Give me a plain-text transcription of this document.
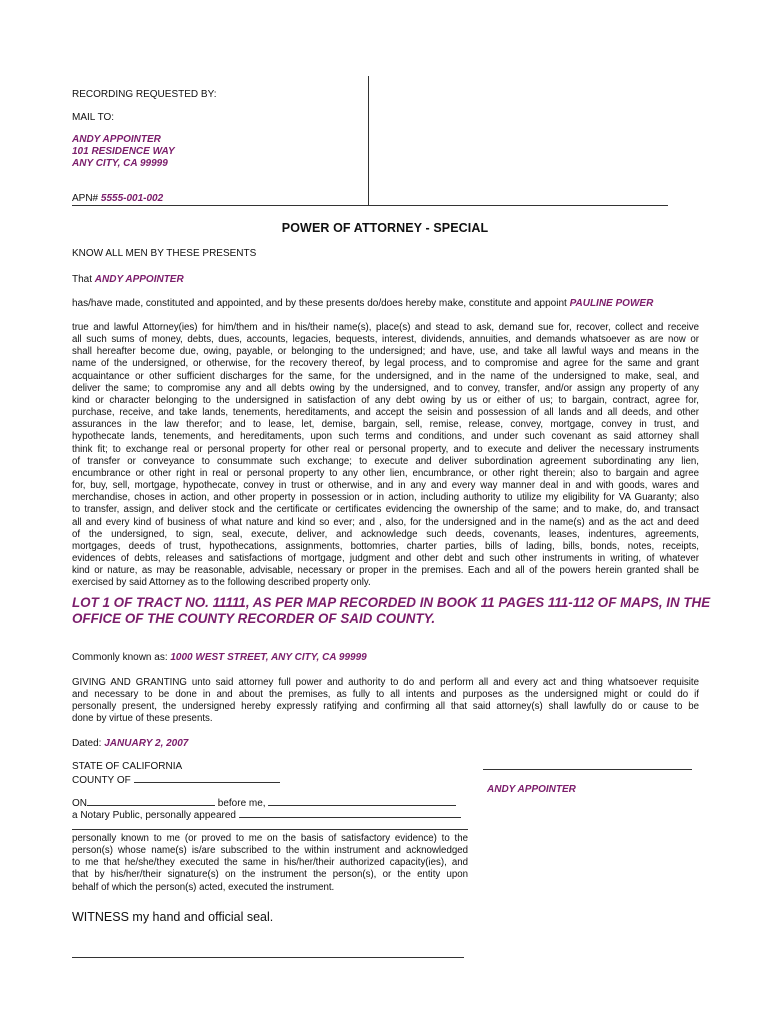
RECORDING REQUESTED BY:
MAIL TO:
ANDY APPOINTER
101 RESIDENCE WAY
ANY CITY, CA 99999
APN# 5555-001-002
POWER OF ATTORNEY - SPECIAL
KNOW ALL MEN BY THESE PRESENTS
That ANDY APPOINTER
has/have made, constituted and appointed, and by these presents do/does hereby make, constitute and appoint PAULINE POWER
true and lawful Attorney(ies) for him/them and in his/their name(s), place(s) and stead to ask, demand sue for, recover, collect and receive
all such sums of money, debts, dues, accounts, legacies, bequests, interest, dividends, annuities, and demands whatsoever as are now or
shall hereafter become due, owing, payable, or belonging to the undersigned; and have, use, and take all lawful ways and means in the
name of the undersigned, or otherwise, for the recovery thereof, by legal process, and to compromise and agree for the same and grant
acquaintance or other sufficient discharges for the same, for the undersigned, and in the name of the undersigned to make, seal, and
deliver the same; to compromise any and all debts owing by the undersigned, and to convey, transfer, and/or assign any property of any
kind or character belonging to the undersigned in satisfaction of any debt owing by us or either of us; to bargain, contract, agree for,
purchase, receive, and take lands, tenements, hereditaments, and accept the seisin and possession of all lands and all deeds, and other
assurances in the law therefor; and to lease, let, demise, bargain, sell, remise, release, convey, mortgage, convey in trust, and
hypothecate lands, tenements, and hereditaments, upon such terms and conditions, and under such covenant as said attorney shall
think fit; to exchange real or personal property for other real or personal property, and to execute and deliver the necessary instruments
of transfer or conveyance to consummate such exchange; to execute and deliver subordination agreement subordinating any lien,
encumbrance or other right in real or personal property to any other lien, encumbrance, or other right therein; also to bargain and agree
for, buy, sell, mortgage, hypothecate, convey in trust or otherwise, and in any and every way manner deal in and with goods, wares and
merchandise, choses in action, and other property in possession or in action, including authority to utilize my eligibility for VA Guaranty; also
to transfer, assign, and deliver stock and the certificate or certificates evidencing the ownership of the same; and to make, do, and transact
all and every kind of business of what nature and kind so ever; and , also, for the undersigned and in the name(s) and as the act and deed
of the undersigned, to sign, seal, execute, deliver, and acknowledge such deeds, covenants, leases, indentures, agreements,
mortgages, deeds of trust, hypothecations, assignments, bottomries, charter parties, bills of lading, bills, bonds, notes, receipts,
evidences of debts, releases and satisfactions of mortgage, judgment and other debt and such other instruments in writing, of whatever
kind or nature, as may be reasonable, advisable, necessary or proper in the premises. Each and all of the powers herein granted shall be
exercised by said Attorney as to the following described property only.
LOT 1 OF TRACT NO. 11111, AS PER MAP RECORDED IN BOOK 11 PAGES 111-112 OF MAPS, IN THE
OFFICE OF THE COUNTY RECORDER OF SAID COUNTY.
Commonly known as: 1000 WEST STREET, ANY CITY, CA 99999
GIVING AND GRANTING unto said attorney full power and authority to do and perform all and every act and thing whatsoever requisite
and necessary to be done in and about the premises, as fully to all intents and purposes as the undersigned might or could do if
personally present, the undersigned hereby expressly ratifying and confirming all that said attorney(s) shall lawfully do or cause to be
done by virtue of these presents.
Dated: JANUARY 2, 2007
STATE OF CALIFORNIA
COUNTY OF
ON	before me,
a Notary Public, personally appeared
personally known to me (or proved to me on the basis of satisfactory evidence) to the
person(s) whose name(s) is/are subscribed to the within instrument and acknowledged
to me that he/she/they executed the same in his/her/their authorized capacity(ies), and
that by his/her/their signature(s) on the instrument the person(s), or the entity upon
behalf of which the person(s) acted, executed the instrument.
WITNESS my hand and official seal.
ANDY APPOINTER
